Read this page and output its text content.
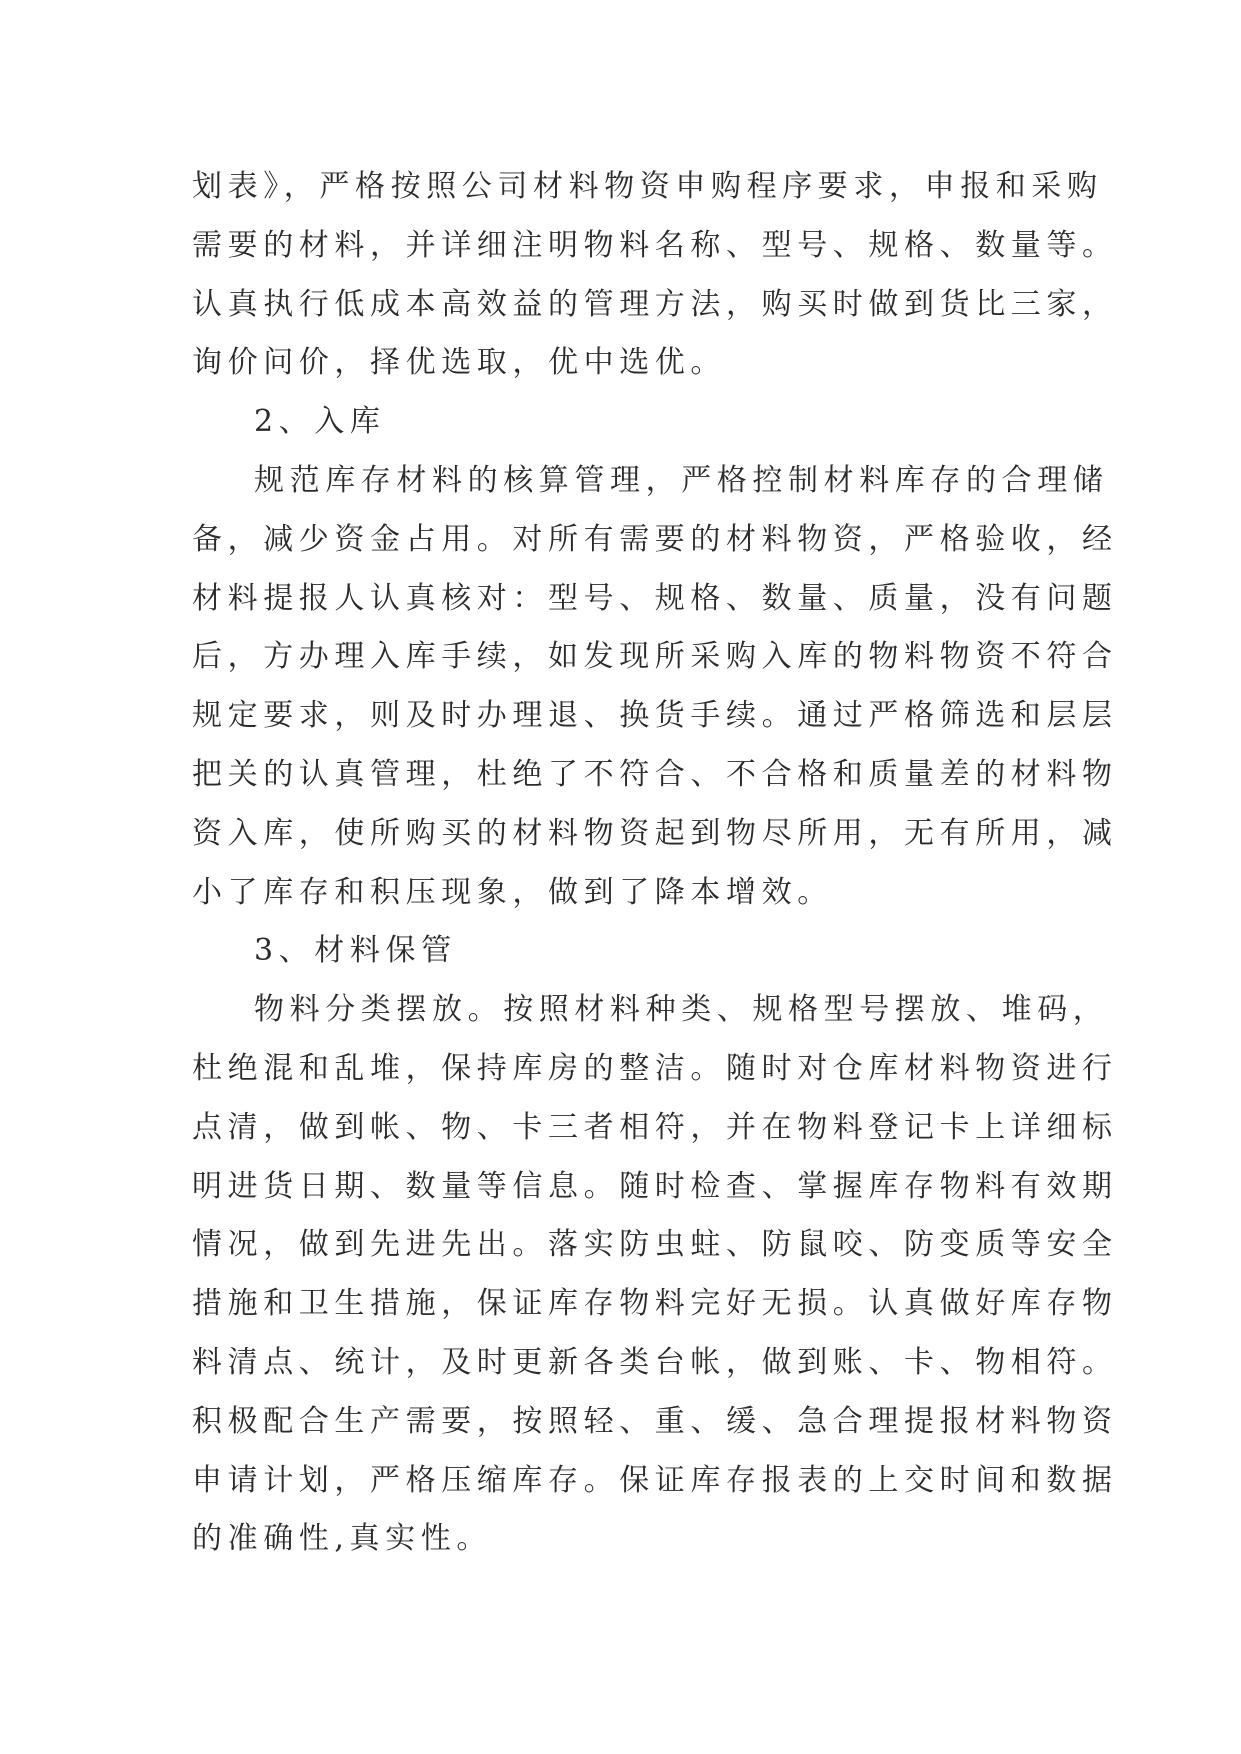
划表》，严格按照公司材料物资申购程序要求，申报和采购
需要的材料，并详细注明物料名称、型号、规格、数量等。
认真执行低成本高效益的管理方法，购买时做到货比三家，
询价问价，择优选取，优中选优。
2、入库
规范库存材料的核算管理，严格控制材料库存的合理储
备，减少资金占用。对所有需要的材料物资，严格验收，经
材料提报人认真核对：型号、规格、数量、质量，没有问题
后，方办理入库手续，如发现所采购入库的物料物资不符合
规定要求，则及时办理退、换货手续。通过严格筛选和层层
把关的认真管理，杜绝了不符合、不合格和质量差的材料物
资入库，使所购买的材料物资起到物尽所用，无有所用，减
小了库存和积压现象，做到了降本增效。
3、材料保管
物料分类摆放。按照材料种类、规格型号摆放、堆码，
杜绝混和乱堆，保持库房的整洁。随时对仓库材料物资进行
点清，做到帐、物、卡三者相符，并在物料登记卡上详细标
明进货日期、数量等信息。随时检查、掌握库存物料有效期
情况，做到先进先出。落实防虫蛀、防鼠咬、防变质等安全
措施和卫生措施，保证库存物料完好无损。认真做好库存物
料清点、统计，及时更新各类台帐，做到账、卡、物相符。
积极配合生产需要，按照轻、重、缓、急合理提报材料物资
申请计划，严格压缩库存。保证库存报表的上交时间和数据
的准确性,真实性。
